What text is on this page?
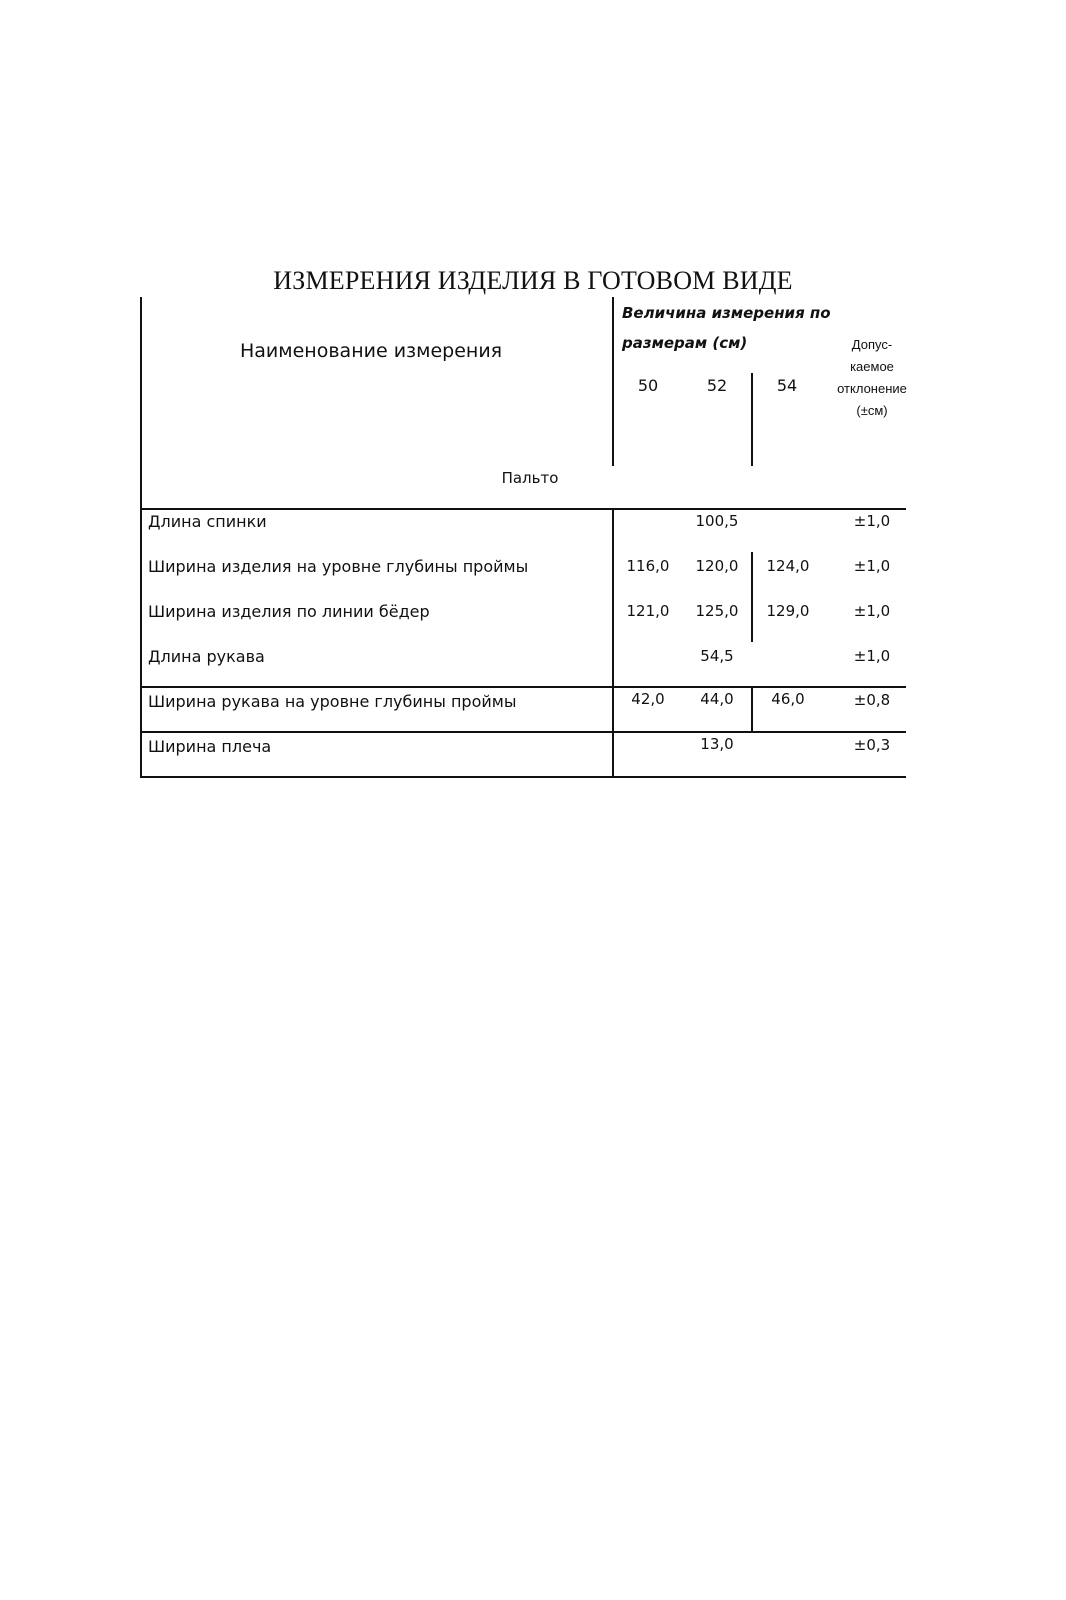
ИЗМЕРЕНИЯ ИЗДЕЛИЯ В ГОТОВОМ ВИДЕ
Наименование измерения
Величина измерения по размерам (см)
50	52	54
Допус-
каемое
отклонение
(±см)
Пальто
Длина спинки	100,5	±1,0
Ширина изделия на уровне глубины проймы	116,0	120,0	124,0	±1,0
Ширина изделия по линии бёдер	121,0	125,0	129,0	±1,0
Длина рукава	54,5	±1,0
Ширина рукава на уровне глубины проймы	42,0	44,0	46,0	±0,8
Ширина плеча	13,0	±0,3
